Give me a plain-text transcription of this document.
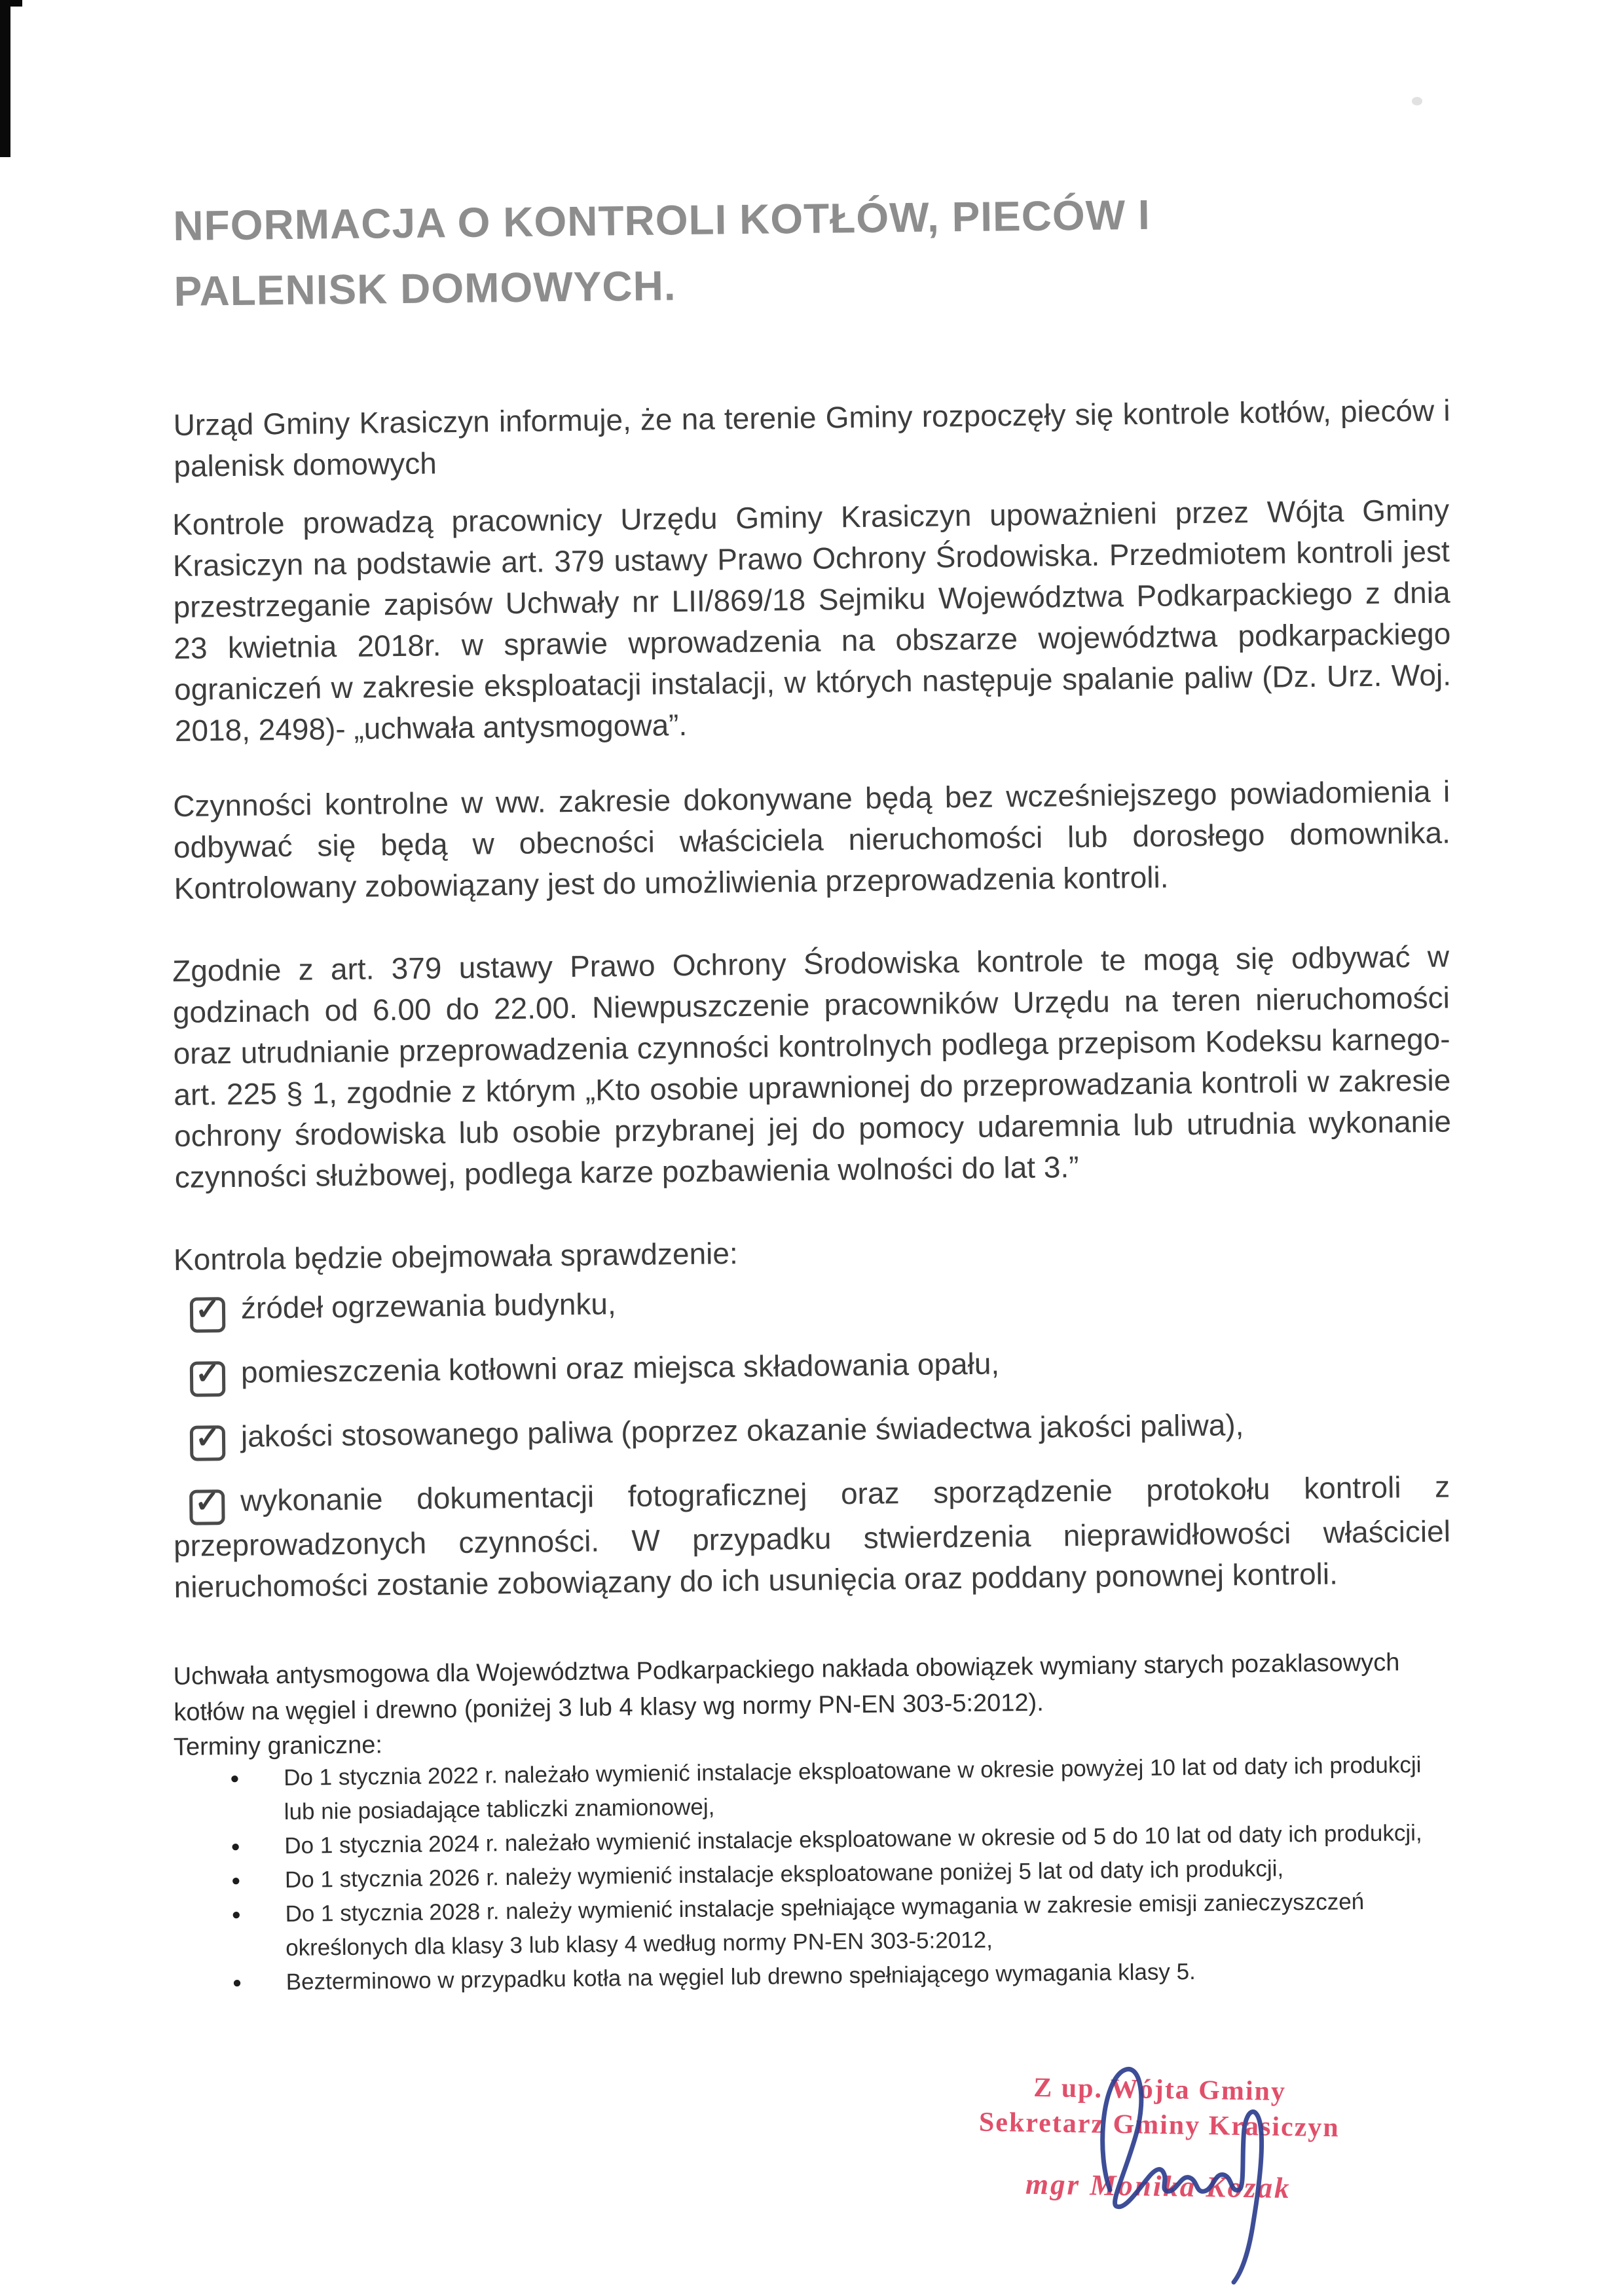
NFORMACJA O KONTROLI KOTŁÓW, PIECÓW I
PALENISK DOMOWYCH.

Urząd Gminy Krasiczyn informuje, że na terenie Gminy rozpoczęły się kontrole kotłów, pieców i palenisk domowych

Kontrole prowadzą pracownicy Urzędu Gminy Krasiczyn upoważnieni przez Wójta Gminy Krasiczyn na podstawie art. 379 ustawy Prawo Ochrony Środowiska. Przedmiotem kontroli jest przestrzeganie zapisów Uchwały nr LII/869/18 Sejmiku Województwa Podkarpackiego z dnia 23 kwietnia 2018r. w sprawie wprowadzenia na obszarze województwa podkarpackiego ograniczeń w zakresie eksploatacji instalacji, w których następuje spalanie paliw (Dz. Urz. Woj. 2018, 2498)- „uchwała antysmogowa”.

Czynności kontrolne w ww. zakresie dokonywane będą bez wcześniejszego powiadomienia i odbywać się będą w obecności właściciela nieruchomości lub dorosłego domownika. Kontrolowany zobowiązany jest do umożliwienia przeprowadzenia kontroli.

Zgodnie z art. 379 ustawy Prawo Ochrony Środowiska kontrole te mogą się odbywać w godzinach od 6.00 do 22.00. Niewpuszczenie pracowników Urzędu na teren nieruchomości oraz utrudnianie przeprowadzenia czynności kontrolnych podlega przepisom Kodeksu karnego- art. 225 § 1, zgodnie z którym „Kto osobie uprawnionej do przeprowadzania kontroli w zakresie ochrony środowiska lub osobie przybranej jej do pomocy udaremnia lub utrudnia wykonanie czynności służbowej, podlega karze pozbawienia wolności do lat 3.”

Kontrola będzie obejmowała sprawdzenie:

✓ źródeł ogrzewania budynku,
✓ pomieszczenia kotłowni oraz miejsca składowania opału,
✓ jakości stosowanego paliwa (poprzez okazanie świadectwa jakości paliwa),
✓ wykonanie dokumentacji fotograficznej oraz sporządzenie protokołu kontroli z przeprowadzonych czynności. W przypadku stwierdzenia nieprawidłowości właściciel nieruchomości zostanie zobowiązany do ich usunięcia oraz poddany ponownej kontroli.

Uchwała antysmogowa dla Województwa Podkarpackiego nakłada obowiązek wymiany starych pozaklasowych kotłów na węgiel i drewno (poniżej 3 lub 4 klasy wg normy PN-EN 303-5:2012).

Terminy graniczne:

● Do 1 stycznia 2022 r. należało wymienić instalacje eksploatowane w okresie powyżej 10 lat od daty ich produkcji lub nie posiadające tabliczki znamionowej,
● Do 1 stycznia 2024 r. należało wymienić instalacje eksploatowane w okresie od 5 do 10 lat od daty ich produkcji,
● Do 1 stycznia 2026 r. należy wymienić instalacje eksploatowane poniżej 5 lat od daty ich produkcji,
● Do 1 stycznia 2028 r. należy wymienić instalacje spełniające wymagania w zakresie emisji zanieczyszczeń określonych dla klasy 3 lub klasy 4 według normy PN-EN 303-5:2012,
● Bezterminowo w przypadku kotła na węgiel lub drewno spełniającego wymagania klasy 5.
Z up. Wójta Gminy
Sekretarz Gminy Krasiczyn
mgr Monika Kozak
